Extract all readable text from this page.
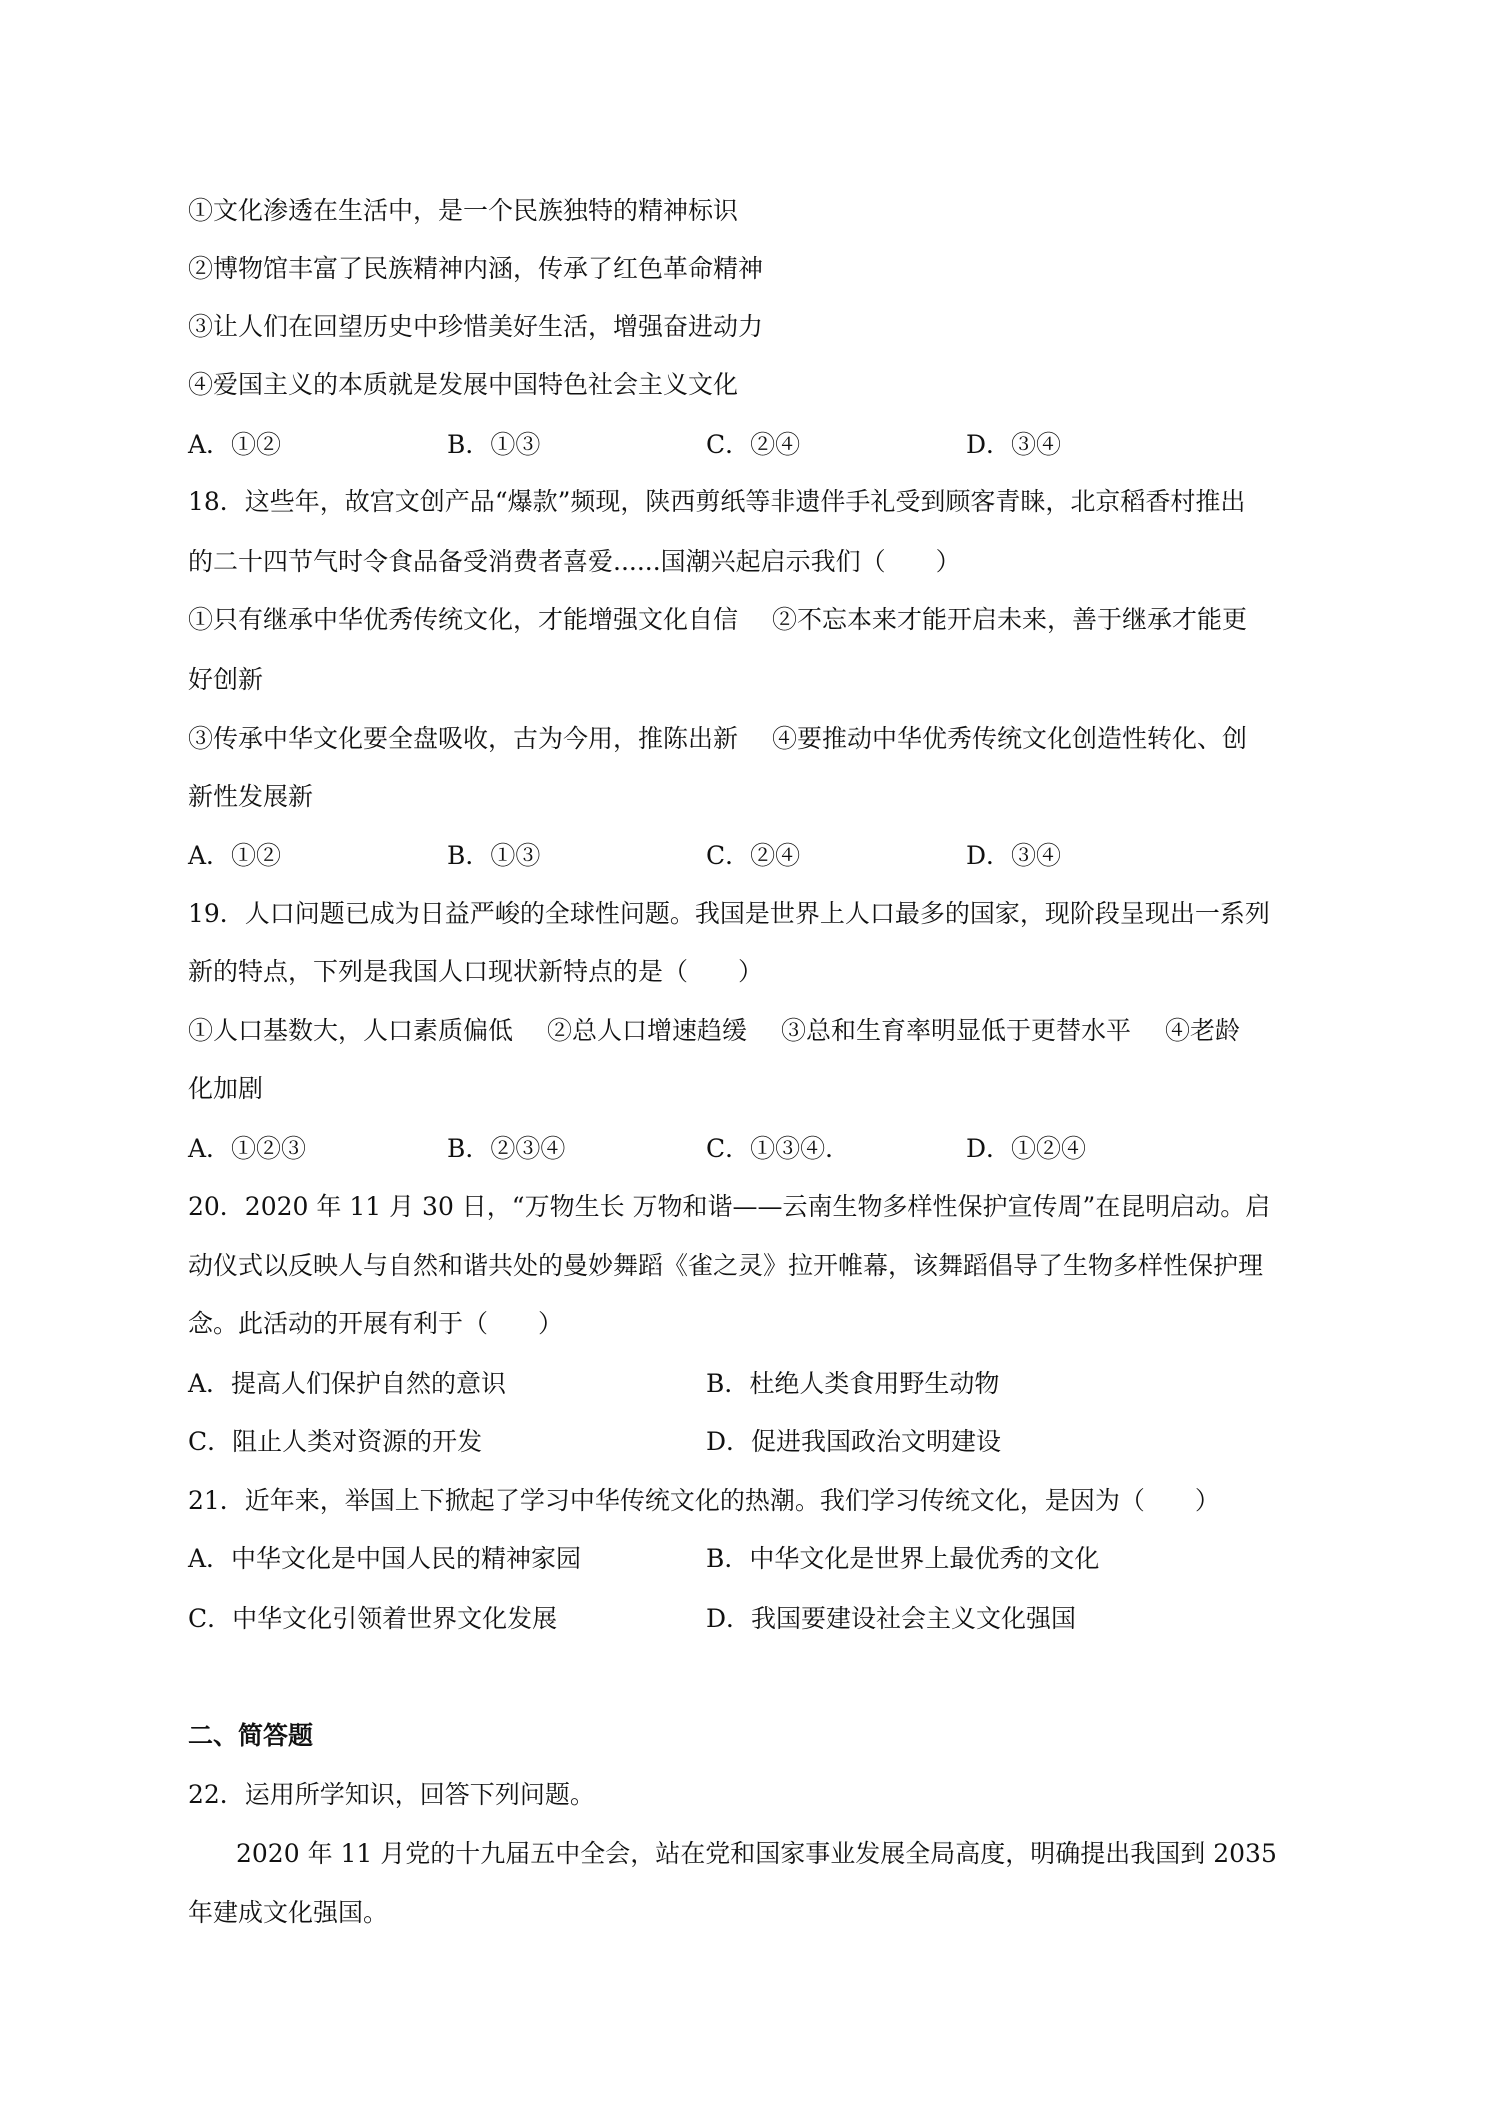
①文化渗透在生活中，是一个民族独特的精神标识
②博物馆丰富了民族精神内涵，传承了红色革命精神
③让人们在回望历史中珍惜美好生活，增强奋进动力
④爱国主义的本质就是发展中国特色社会主义文化
A．①②	B．①③	C．②④	D．③④
18．这些年，故宫文创产品“爆款”频现，陕西剪纸等非遗伴手礼受到顾客青睐，北京稻香村推出
的二十四节气时令食品备受消费者喜爱......国潮兴起启示我们（　　）
①只有继承中华优秀传统文化，才能增强文化自信 ②不忘本来才能开启未来，善于继承才能更
好创新
③传承中华文化要全盘吸收，古为今用，推陈出新 ④要推动中华优秀传统文化创造性转化、创
新性发展新
A．①②	B．①③	C．②④	D．③④
19．人口问题已成为日益严峻的全球性问题。我国是世界上人口最多的国家，现阶段呈现出一系列
新的特点，下列是我国人口现状新特点的是（　　）
①人口基数大，人口素质偏低 ②总人口增速趋缓 ③总和生育率明显低于更替水平 ④老龄
化加剧
A．①②③	B．②③④	C．①③④．	D．①②④
20．2020 年 11 月 30 日，“万物生长 万物和谐——云南生物多样性保护宣传周”在昆明启动。启
动仪式以反映人与自然和谐共处的曼妙舞蹈《雀之灵》拉开帷幕，该舞蹈倡导了生物多样性保护理
念。此活动的开展有利于（　　）
A．提高人们保护自然的意识	B．杜绝人类食用野生动物
C．阻止人类对资源的开发	D．促进我国政治文明建设
21．近年来，举国上下掀起了学习中华传统文化的热潮。我们学习传统文化，是因为（　　）
A．中华文化是中国人民的精神家园	B．中华文化是世界上最优秀的文化
C．中华文化引领着世界文化发展	D．我国要建设社会主义文化强国
二、简答题
22．运用所学知识，回答下列问题。
2020 年 11 月党的十九届五中全会，站在党和国家事业发展全局高度，明确提出我国到 2035
年建成文化强国。
